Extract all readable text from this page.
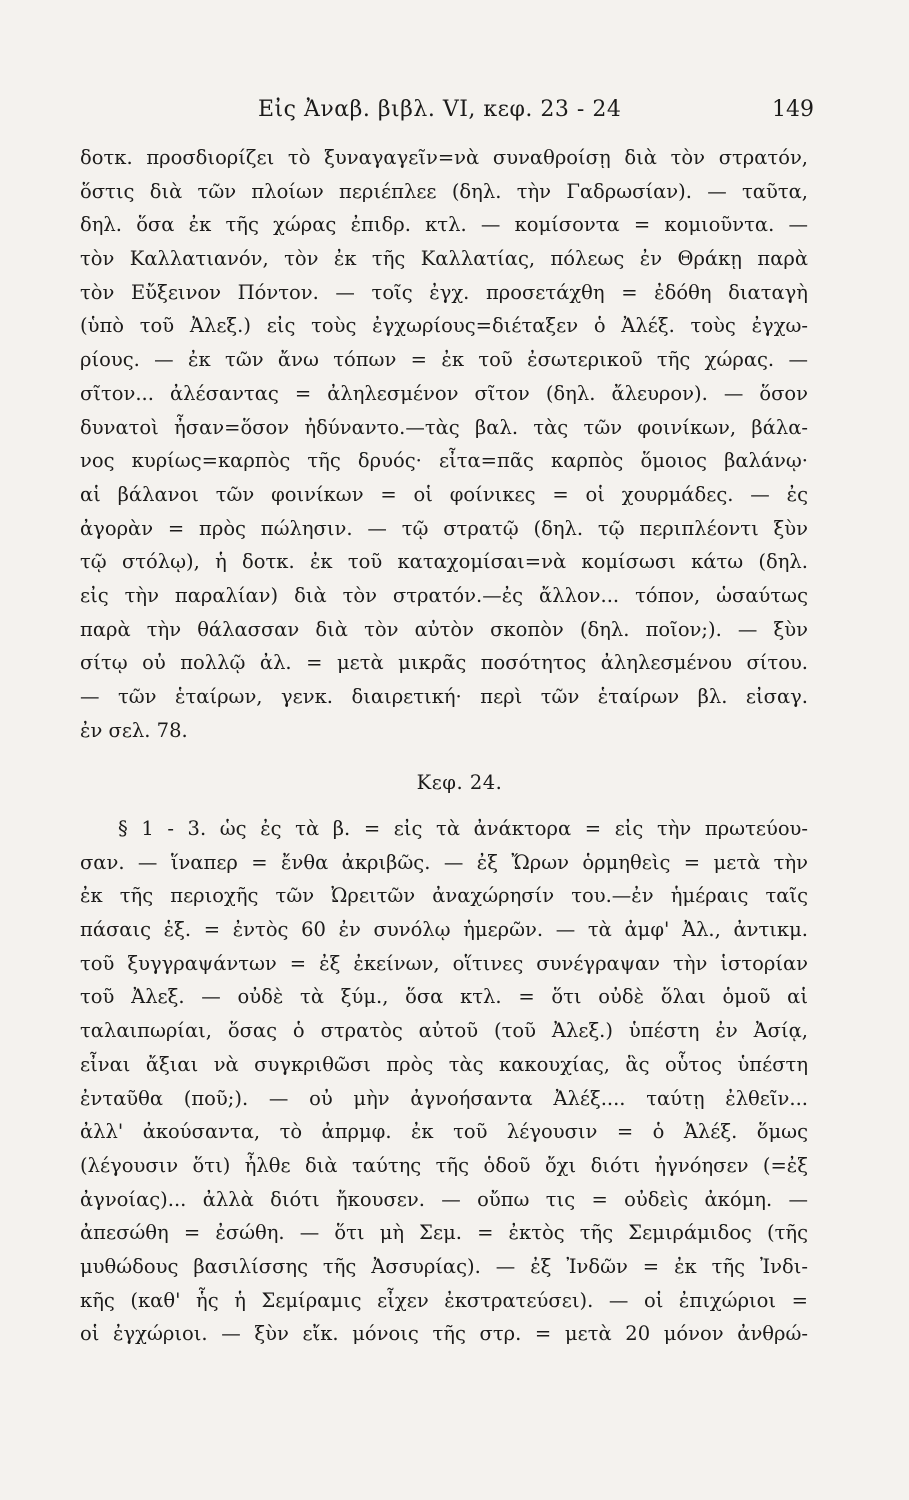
Εἰς Ἀναβ. βιβλ. VI, κεφ. 23 - 24	149
δοτκ. προσδιορίζει τὸ ξυναγαγεῖν=νὰ συναθροίσῃ διὰ τὸν στρατόν,
ὅστις διὰ τῶν πλοίων περιέπλεε (δηλ. τὴν Γαδρωσίαν). — ταῦτα,
δηλ. ὅσα ἐκ τῆς χώρας ἐπιδρ. κτλ. — κομίσοντα = κομιοῦντα. —
τὸν Καλλατιανόν, τὸν ἐκ τῆς Καλλατίας, πόλεως ἐν Θράκῃ παρὰ
τὸν Εὔξεινον Πόντον. — τοῖς ἐγχ. προσετάχθη = ἐδόθη διαταγὴ
(ὑπὸ τοῦ Ἀλεξ.) εἰς τοὺς ἐγχωρίους=διέταξεν ὁ Ἀλέξ. τοὺς ἐγχω-
ρίους. — ἐκ τῶν ἄνω τόπων = ἐκ τοῦ ἐσωτερικοῦ τῆς χώρας. —
σῖτον... ἀλέσαντας = ἀληλεσμένον σῖτον (δηλ. ἄλευρον). — ὅσον
δυνατοὶ ἦσαν=ὅσον ἠδύναντο.—τὰς βαλ. τὰς τῶν φοινίκων, βάλα-
νος κυρίως=καρπὸς τῆς δρυός· εἶτα=πᾶς καρπὸς ὅμοιος βαλάνῳ·
αἱ βάλανοι τῶν φοινίκων = οἱ φοίνικες = οἱ χουρμάδες. — ἐς
ἀγορὰν = πρὸς πώλησιν. — τῷ στρατῷ (δηλ. τῷ περιπλέοντι ξὺν
τῷ στόλῳ), ἡ δοτκ. ἐκ τοῦ καταχομίσαι=νὰ κομίσωσι κάτω (δηλ.
εἰς τὴν παραλίαν) διὰ τὸν στρατόν.—ἐς ἄλλον... τόπον, ὡσαύτως
παρὰ τὴν θάλασσαν διὰ τὸν αὐτὸν σκοπὸν (δηλ. ποῖον;). — ξὺν
σίτῳ οὐ πολλῷ ἀλ. = μετὰ μικρᾶς ποσότητος ἀληλεσμένου σίτου.
— τῶν ἑταίρων, γενκ. διαιρετική· περὶ τῶν ἑταίρων βλ. εἰσαγ.
ἐν σελ. 78.
Κεφ. 24.
§ 1 - 3. ὡς ἐς τὰ β. = εἰς τὰ ἀνάκτορα = εἰς τὴν πρωτεύου-
σαν. — ἵναπερ = ἔνθα ἀκριβῶς. — ἐξ Ὤρων ὁρμηθεὶς = μετὰ τὴν
ἐκ τῆς περιοχῆς τῶν Ὠρειτῶν ἀναχώρησίν του.—ἐν ἡμέραις ταῖς
πάσαις ἑξ. = ἐντὸς 60 ἐν συνόλῳ ἡμερῶν. — τὰ ἀμφ' Ἀλ., ἀντικμ.
τοῦ ξυγγραψάντων = ἐξ ἐκείνων, οἵτινες συνέγραψαν τὴν ἱστορίαν
τοῦ Ἀλεξ. — οὐδὲ τὰ ξύμ., ὅσα κτλ. = ὅτι οὐδὲ ὅλαι ὁμοῦ αἱ
ταλαιπωρίαι, ὅσας ὁ στρατὸς αὐτοῦ (τοῦ Ἀλεξ.) ὑπέστη ἐν Ἀσίᾳ,
εἶναι ἄξιαι νὰ συγκριθῶσι πρὸς τὰς κακουχίας, ἃς οὗτος ὑπέστη
ἐνταῦθα (ποῦ;). — οὐ μὴν ἀγνοήσαντα Ἀλέξ.... ταύτῃ ἐλθεῖν...
ἀλλ' ἀκούσαντα, τὸ ἀπρμφ. ἐκ τοῦ λέγουσιν = ὁ Ἀλέξ. ὅμως
(λέγουσιν ὅτι) ἦλθε διὰ ταύτης τῆς ὁδοῦ ὄχι διότι ἠγνόησεν (=ἐξ
ἀγνοίας)... ἀλλὰ διότι ἤκουσεν. — οὔπω τις = οὐδεὶς ἀκόμη. —
ἀπεσώθη = ἐσώθη. — ὅτι μὴ Σεμ. = ἐκτὸς τῆς Σεμιράμιδος (τῆς
μυθώδους βασιλίσσης τῆς Ἀσσυρίας). — ἐξ Ἰνδῶν = ἐκ τῆς Ἰνδι-
κῆς (καθ' ἧς ἡ Σεμίραμις εἶχεν ἐκστρατεύσει). — οἱ ἐπιχώριοι =
οἱ ἐγχώριοι. — ξὺν εἴκ. μόνοις τῆς στρ. = μετὰ 20 μόνον ἀνθρώ-
